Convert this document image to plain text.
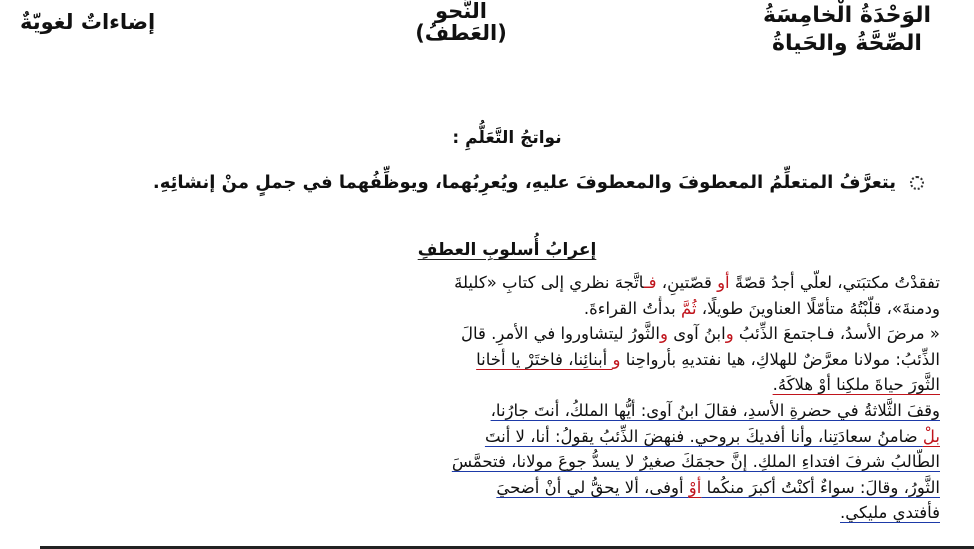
الوَحْدَةُ الْخامِسَةُ
الصِّحَّةُ والحَياةُ
النَّحو
(العَطفُ)
إضاءاتٌ لغويّةٌ
نواتجُ التَّعَلُّمِ :
يتعرَّفُ المتعلِّمُ المعطوفَ والمعطوفَ عليهِ، ويُعرِبُهما، ويوظِّفُهما في جملٍ منْ إنشائِهِ.
إعرابُ أُسلوبِ العطفِ
تفقدْتُ مكتبَتي، لعلّي أجدُ قصّةً أو قصّتينِ، فـاتَّجهَ نظري إلى كتابِ «كليلةَ
ودمنةَ»، قلّبْتُهُ متأمّلًا العناوينَ طويلًا، ثُمَّ بدأْتُ القراءةَ.
« مرضَ الأسدُ، فـاجتمعَ الذِّئبُ وابنُ آوى والثَّورُ ليتشاوروا في الأمرِ. قالَ
الذِّئبُ: مولانا معرَّضٌ للهلاكِ، هيا نفتديهِ بأرواحِنا و أبنائِنا، فاختَرْ يا أخانا
الثَّورَ حياةَ ملكِنا أوْ هلاكَهُ.
وقفَ الثَّلاثةُ في حضرةِ الأسدِ، فقالَ ابنُ آوى: أيُّها الملكُ، أنتَ جارُنا،
بلْ ضامنُ سعادَتِنا، وأنا أفديكَ بروحي. فنهضَ الذِّئبُ يقولُ: أنا، لا أنتَ
الطَّالبُ شرفَ افتداءِ الملكِ. إنَّ حجمَكَ صغيرٌ لا يسدُّ جوعَ مولانا، فتحمَّسَ
الثَّورُ، وقالَ: سواءٌ أكنْتُ أكبرَ منكُما أوْ أوفى، ألا يحقُّ لي أنْ أضحيَ
فأفتدي مليكي.
